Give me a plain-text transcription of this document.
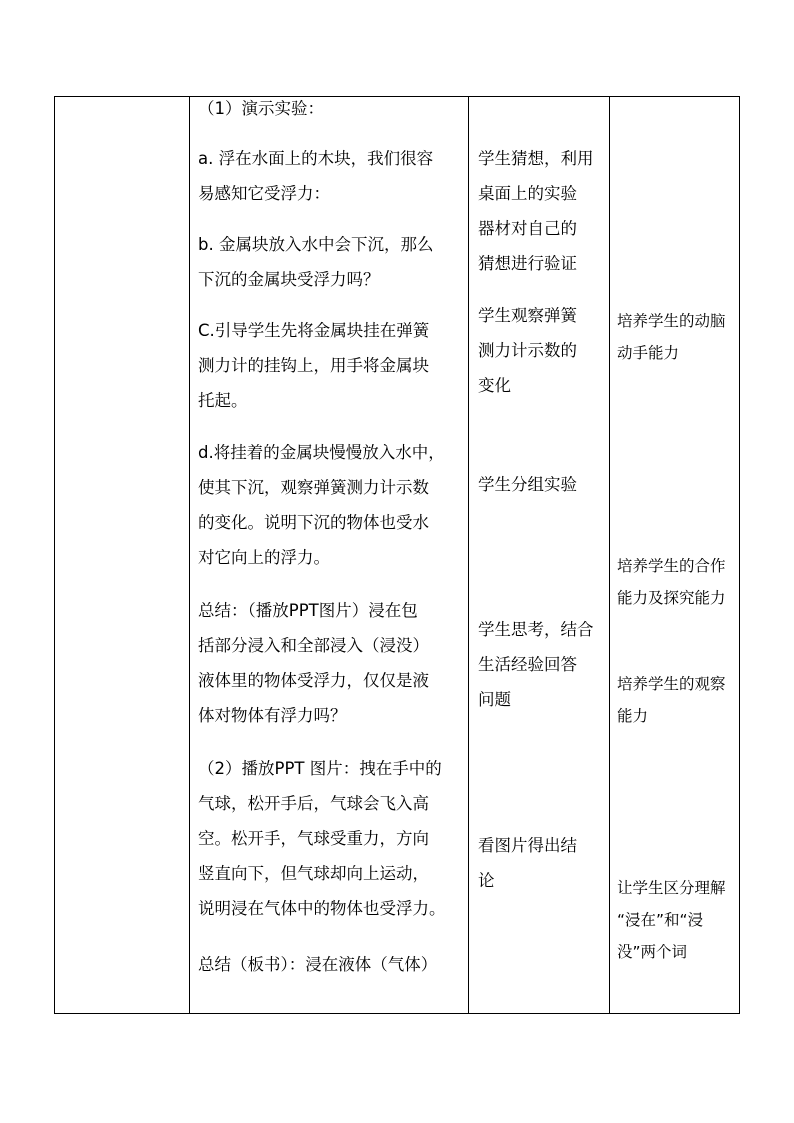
（1）演示实验：
a. 浮在水面上的木块，我们很容
易感知它受浮力：
b. 金属块放入水中会下沉，那么
下沉的金属块受浮力吗？
C.引导学生先将金属块挂在弹簧
测力计的挂钩上，用手将金属块
托起。
d.将挂着的金属块慢慢放入水中，
使其下沉，观察弹簧测力计示数
的变化。说明下沉的物体也受水
对它向上的浮力。
总结：（播放PPT图片）浸在包
括部分浸入和全部浸入（浸没）
液体里的物体受浮力，仅仅是液
体对物体有浮力吗？
（2）播放PPT 图片：拽在手中的
气球，松开手后，气球会飞入高
空。松开手，气球受重力，方向
竖直向下，但气球却向上运动，
说明浸在气体中的物体也受浮力。
总结（板书）：浸在液体（气体）
学生猜想，利用
桌面上的实验
器材对自己的
猜想进行验证
学生观察弹簧
测力计示数的
变化
学生分组实验
学生思考，结合
生活经验回答
问题
看图片得出结
论
培养学生的动脑
动手能力
培养学生的合作
能力及探究能力
培养学生的观察
能力
让学生区分理解
“浸在”和“浸
没”两个词
